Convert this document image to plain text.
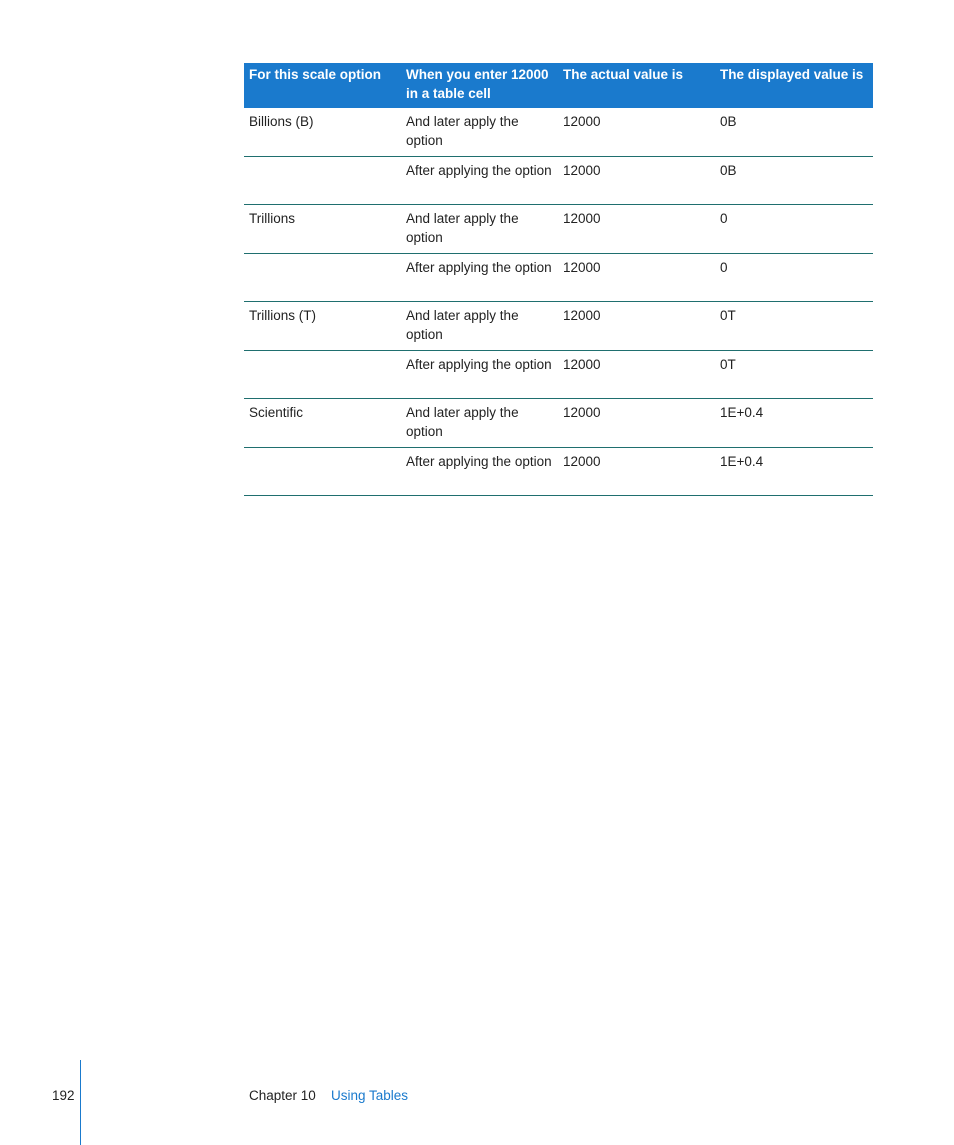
For this scale option	When you enter 12000 in a table cell	The actual value is	The displayed value is
Billions (B)	And later apply the option	12000	0B
	After applying the option	12000	0B
Trillions	And later apply the option	12000	0
	After applying the option	12000	0
Trillions (T)	And later apply the option	12000	0T
	After applying the option	12000	0T
Scientific	And later apply the option	12000	1E+0.4
	After applying the option	12000	1E+0.4
192	Chapter 10 Using Tables
